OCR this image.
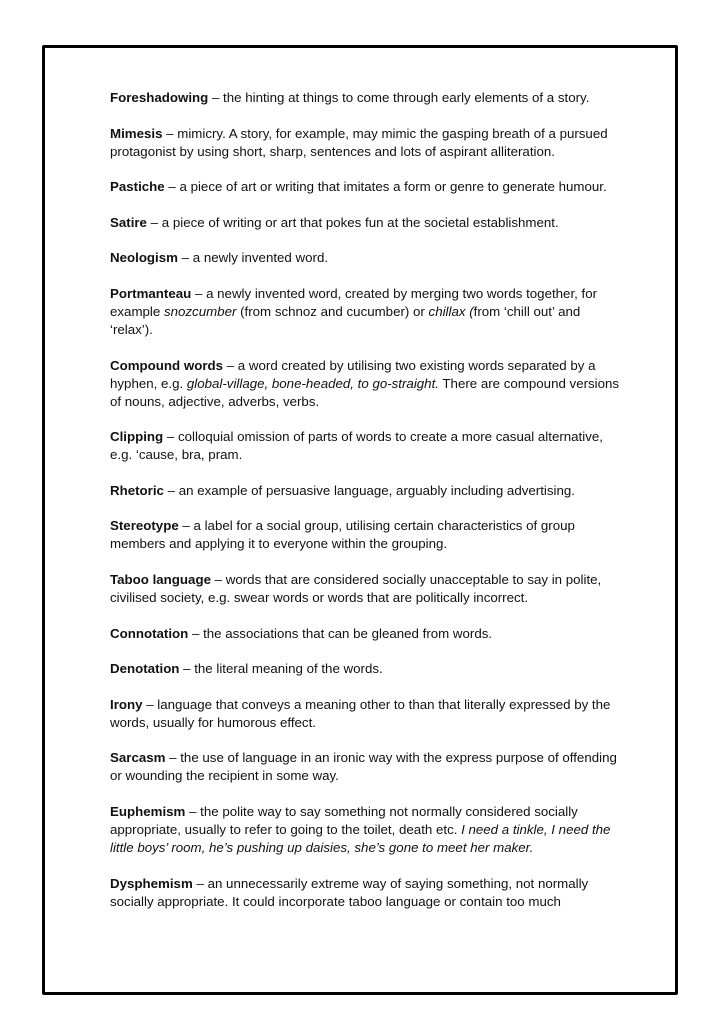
Foreshadowing – the hinting at things to come through early elements of a story.

Mimesis – mimicry. A story, for example, may mimic the gasping breath of a pursued protagonist by using short, sharp, sentences and lots of aspirant alliteration.

Pastiche – a piece of art or writing that imitates a form or genre to generate humour.

Satire – a piece of writing or art that pokes fun at the societal establishment.

Neologism – a newly invented word.

Portmanteau – a newly invented word, created by merging two words together, for example snozcumber (from schnoz and cucumber) or chillax (from ‘chill out’ and ‘relax’).

Compound words – a word created by utilising two existing words separated by a hyphen, e.g. global-village, bone-headed, to go-straight. There are compound versions of nouns, adjective, adverbs, verbs.

Clipping – colloquial omission of parts of words to create a more casual alternative, e.g. ‘cause, bra, pram.

Rhetoric – an example of persuasive language, arguably including advertising.

Stereotype – a label for a social group, utilising certain characteristics of group members and applying it to everyone within the grouping.

Taboo language – words that are considered socially unacceptable to say in polite, civilised society, e.g. swear words or words that are politically incorrect.

Connotation – the associations that can be gleaned from words.

Denotation – the literal meaning of the words.

Irony – language that conveys a meaning other to than that literally expressed by the words, usually for humorous effect.

Sarcasm – the use of language in an ironic way with the express purpose of offending or wounding the recipient in some way.

Euphemism – the polite way to say something not normally considered socially appropriate, usually to refer to going to the toilet, death etc. I need a tinkle, I need the little boys’ room, he’s pushing up daisies, she’s gone to meet her maker.

Dysphemism – an unnecessarily extreme way of saying something, not normally socially appropriate. It could incorporate taboo language or contain too much
